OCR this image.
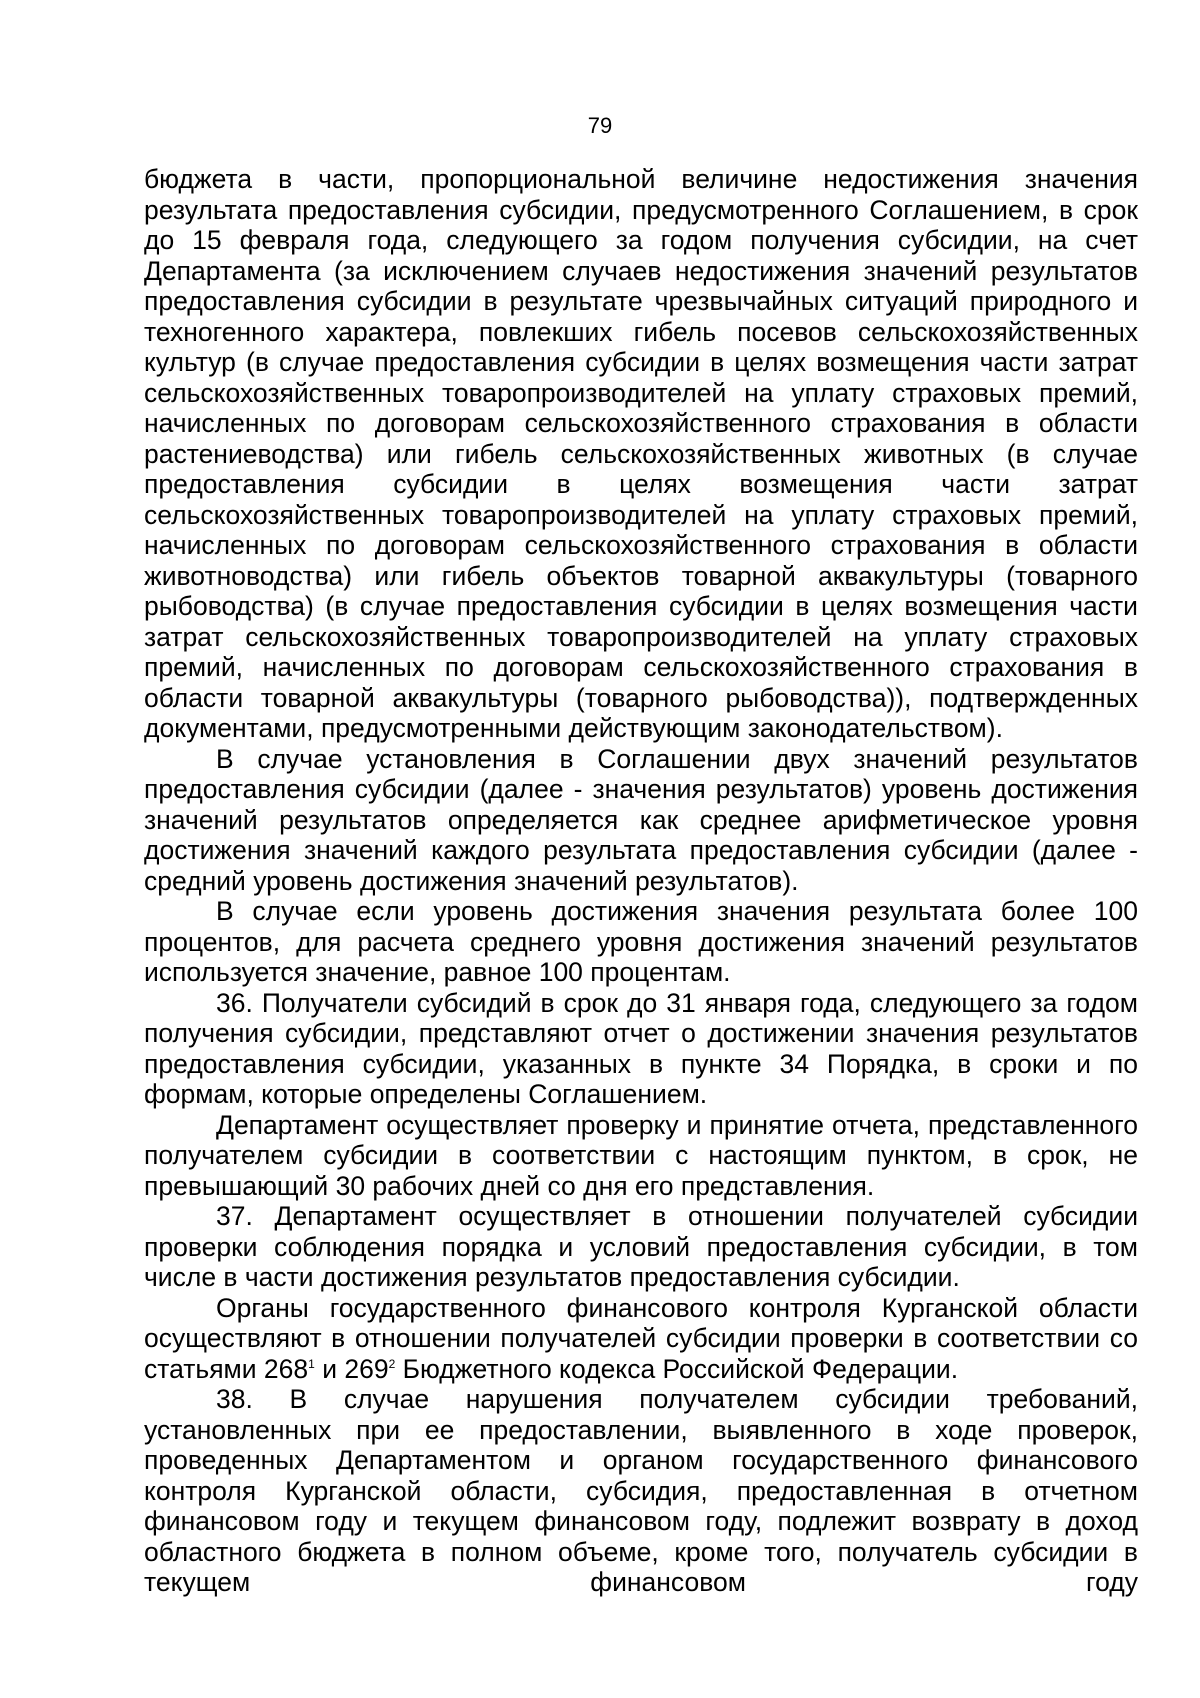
79

бюджета в части, пропорциональной величине недостижения значения результата предоставления субсидии, предусмотренного Соглашением, в срок до 15 февраля года, следующего за годом получения субсидии, на счет Департамента (за исключением случаев недостижения значений результатов предоставления субсидии в результате чрезвычайных ситуаций природного и техногенного характера, повлекших гибель посевов сельскохозяйственных культур (в случае предоставления субсидии в целях возмещения части затрат сельскохозяйственных товаропроизводителей на уплату страховых премий, начисленных по договорам сельскохозяйственного страхования в области растениеводства) или гибель сельскохозяйственных животных (в случае предоставления субсидии в целях возмещения части затрат сельскохозяйственных товаропроизводителей на уплату страховых премий, начисленных по договорам сельскохозяйственного страхования в области животноводства) или гибель объектов товарной аквакультуры (товарного рыбоводства) (в случае предоставления субсидии в целях возмещения части затрат сельскохозяйственных товаропроизводителей на уплату страховых премий, начисленных по договорам сельскохозяйственного страхования в области товарной аквакультуры (товарного рыбоводства)), подтвержденных документами, предусмотренными действующим законодательством).

В случае установления в Соглашении двух значений результатов предоставления субсидии (далее - значения результатов) уровень достижения значений результатов определяется как среднее арифметическое уровня достижения значений каждого результата предоставления субсидии (далее - средний уровень достижения значений результатов).

В случае если уровень достижения значения результата более 100 процентов, для расчета среднего уровня достижения значений результатов используется значение, равное 100 процентам.

36. Получатели субсидий в срок до 31 января года, следующего за годом получения субсидии, представляют отчет о достижении значения результатов предоставления субсидии, указанных в пункте 34 Порядка, в сроки и по формам, которые определены Соглашением.

Департамент осуществляет проверку и принятие отчета, представленного получателем субсидии в соответствии с настоящим пунктом, в срок, не превышающий 30 рабочих дней со дня его представления.

37. Департамент осуществляет в отношении получателей субсидии проверки соблюдения порядка и условий предоставления субсидии, в том числе в части достижения результатов предоставления субсидии.

Органы государственного финансового контроля Курганской области осуществляют в отношении получателей субсидии проверки в соответствии со статьями $268^1$ и $269^2$ Бюджетного кодекса Российской Федерации.

38. В случае нарушения получателем субсидии требований, установленных при ее предоставлении, выявленного в ходе проверок, проведенных Департаментом и органом государственного финансового контроля Курганской области, субсидия, предоставленная в отчетном финансовом году и текущем финансовом году, подлежит возврату в доход областного бюджета в полном объеме, кроме того, получатель субсидии в текущем финансовом году
